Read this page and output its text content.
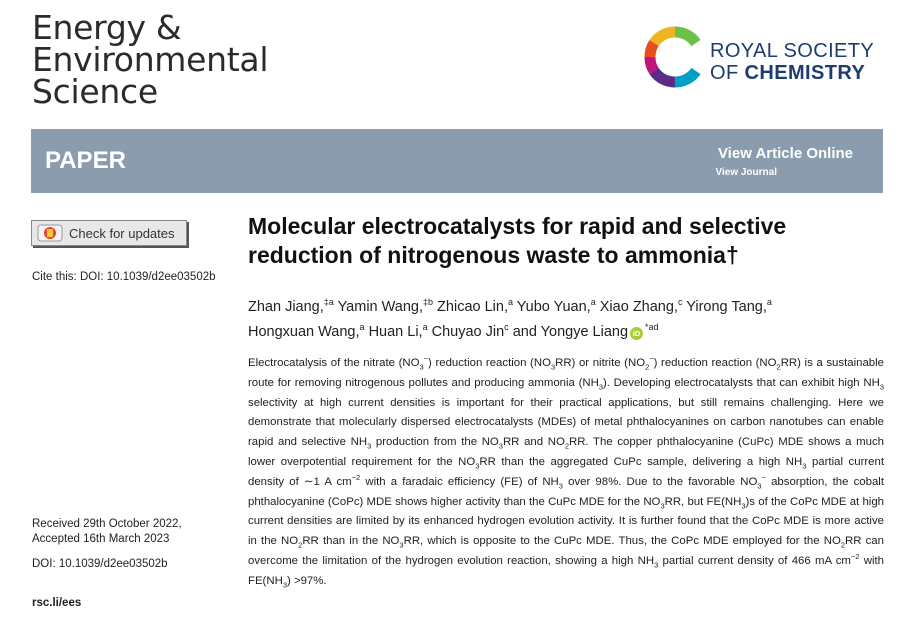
Energy &
Environmental
Science
ROYAL SOCIETY
OF CHEMISTRY
PAPER	View Article Online
View Journal
Check for updates
Cite this: DOI: 10.1039/d2ee03502b
Received 29th October 2022,
Accepted 16th March 2023
DOI: 10.1039/d2ee03502b
rsc.li/ees
Molecular electrocatalysts for rapid and selective
reduction of nitrogenous waste to ammonia†
Zhan Jiang,$^{\ddagger a}$ Yamin Wang,$^{\ddagger b}$ Zhicao Lin,$^a$ Yubo Yuan,$^a$ Xiao Zhang,$^c$ Yirong Tang,$^a$
Hongxuan Wang,$^a$ Huan Li,$^a$ Chuyao Jin$^c$ and Yongye Liang $iD^{*ad}$

Electrocatalysis of the nitrate $(NO_3^-)$ reduction reaction $(NO_3RR)$ or nitrite $(NO_2^-)$ reduction reaction $(NO_2RR)$ is a sustainable route for removing nitrogenous pollutes and producing ammonia $(NH_3)$. Developing electrocatalysts that can exhibit high $NH_3$ selectivity at high current densities is important for their practical applications, but still remains challenging. Here we demonstrate that molecularly dispersed electrocatalysts (MDEs) of metal phthalocyanines on carbon nanotubes can enable rapid and selective $NH_3$ production from the $NO_3RR$ and $NO_2RR$. The copper phthalocyanine (CuPc) MDE shows a much lower overpotential requirement for the $NO_3RR$ than the aggregated CuPc sample, delivering a high $NH_3$ partial current density of ∼1 A $cm^{-2}$ with a faradaic efficiency (FE) of $NH_3$ over 98%. Due to the favorable $NO_3^-$ absorption, the cobalt phthalocyanine (CoPc) MDE shows higher activity than the CuPc MDE for the $NO_3RR$, but $FE(NH_3)s$ of the CoPc MDE at high current densities are limited by its enhanced hydrogen evolution activity. It is further found that the CoPc MDE is more active in the $NO_2RR$ than in the $NO_3RR$, which is opposite to the CuPc MDE. Thus, the CoPc MDE employed for the $NO_2RR$ can overcome the limitation of the hydrogen evolution reaction, showing a high $NH_3$ partial current density of 466 mA $cm^{-2}$ with $FE(NH_3) >97\%$.
